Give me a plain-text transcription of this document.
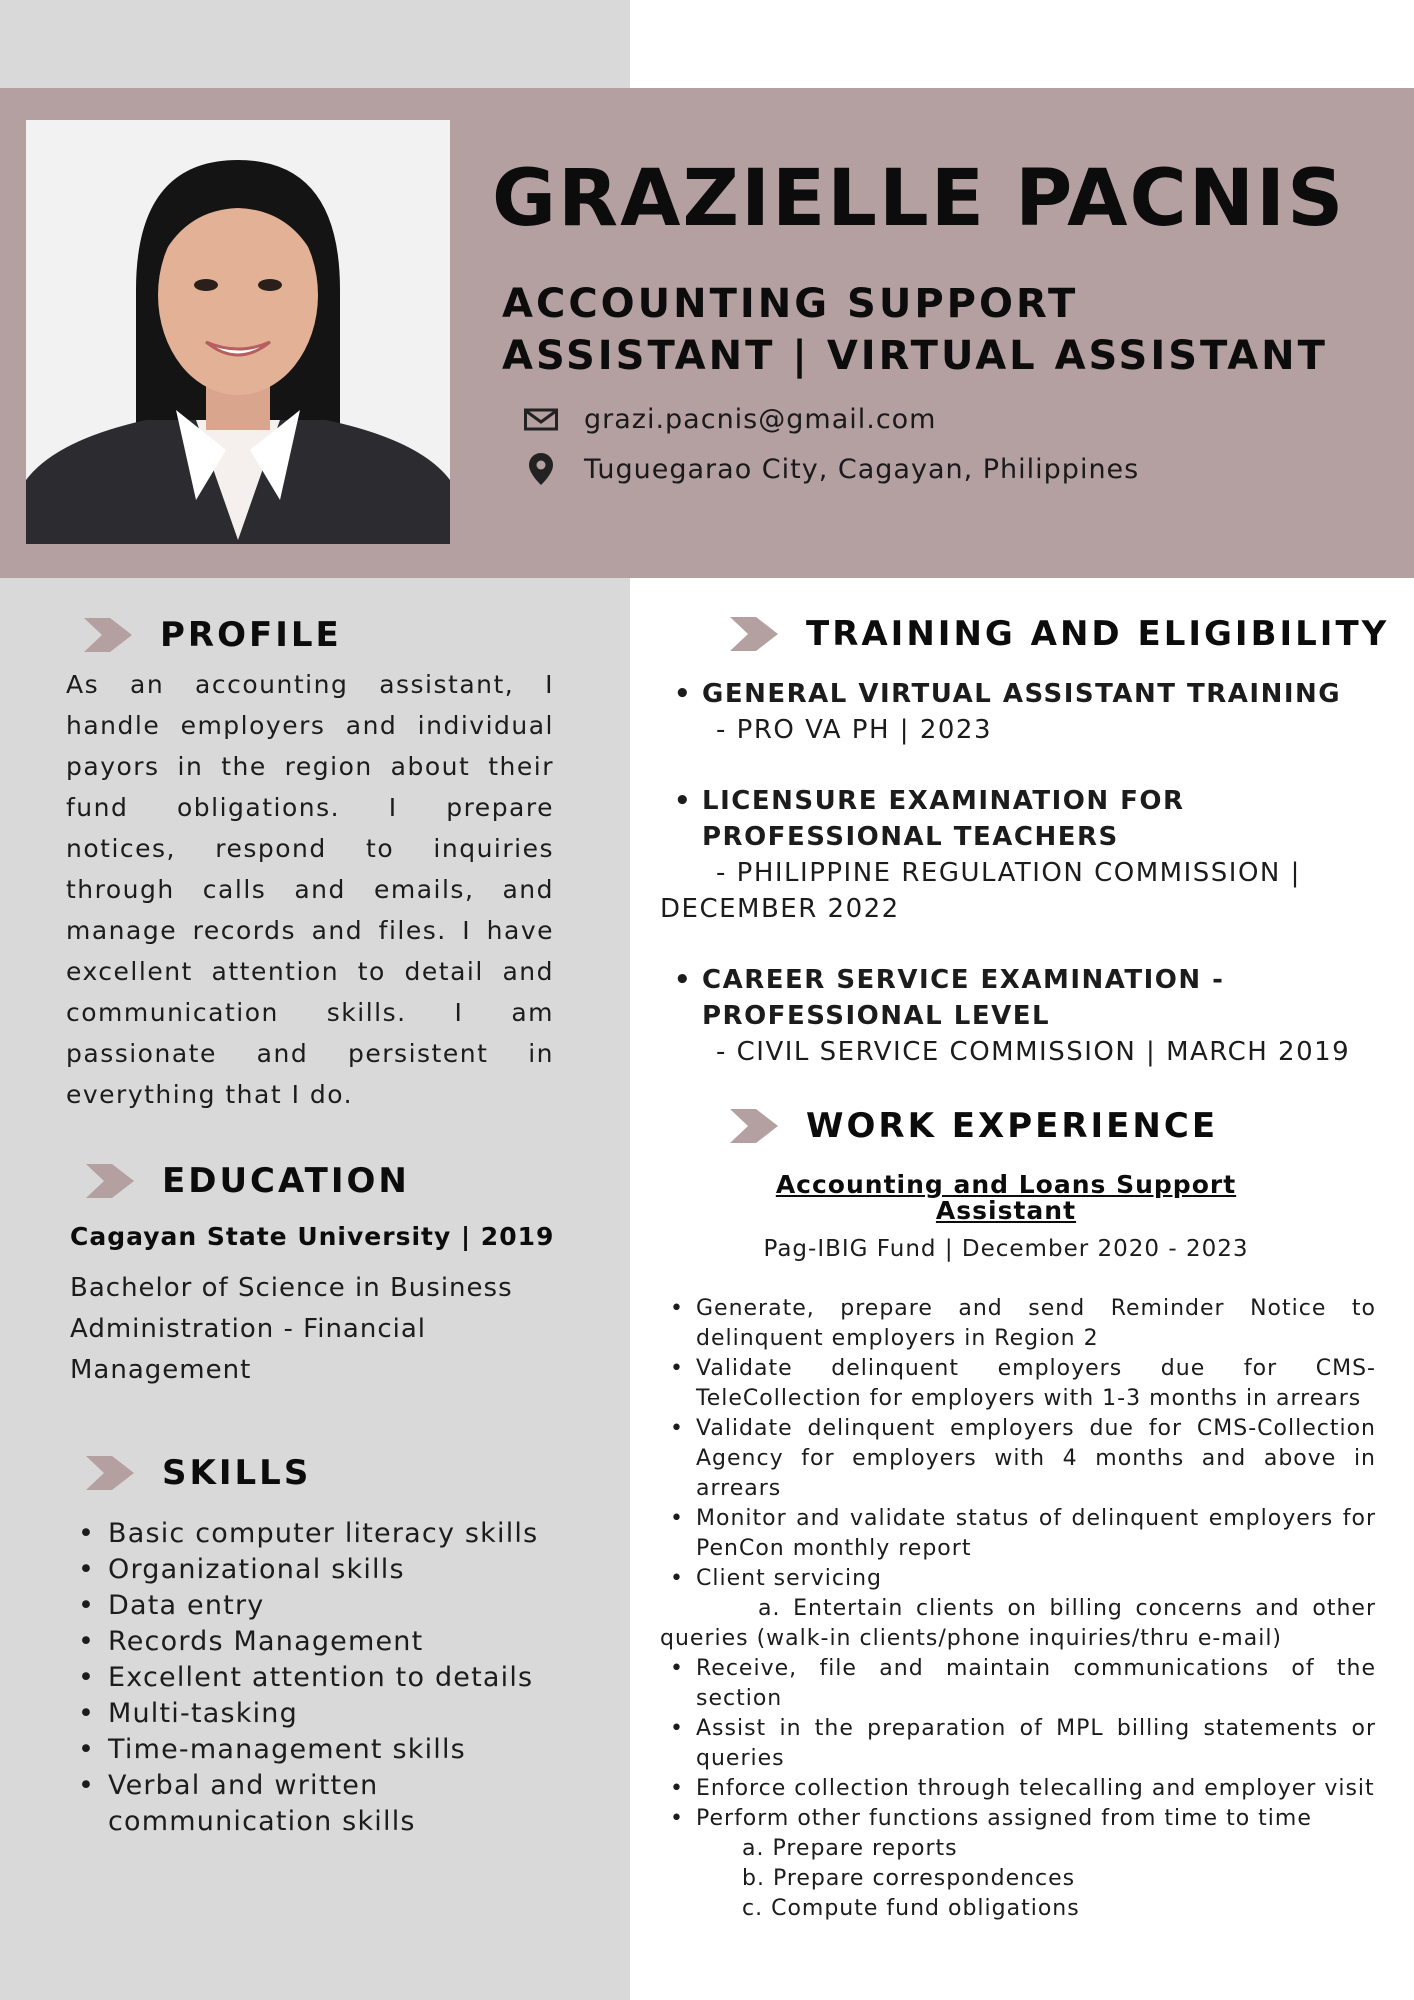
GRAZIELLE PACNIS
ACCOUNTING SUPPORT
ASSISTANT | VIRTUAL ASSISTANT
grazi.pacnis@gmail.com
Tuguegarao City, Cagayan, Philippines
PROFILE

As an accounting assistant, I handle employers and individual payors in the region about their fund obligations. I prepare notices, respond to inquiries through calls and emails, and manage records and files. I have excellent attention to detail and communication skills. I am passionate and persistent in everything that I do.

EDUCATION

Cagayan State University | 2019

Bachelor of Science in Business Administration - Financial Management

SKILLS
• Basic computer literacy skills
• Organizational skills
• Data entry
• Records Management
• Excellent attention to details
• Multi-tasking
• Time-management skills
• Verbal and written communication skills
TRAINING AND ELIGIBILITY

• GENERAL VIRTUAL ASSISTANT TRAINING

- PRO VA PH | 2023

• LICENSURE EXAMINATION FOR PROFESSIONAL TEACHERS

- PHILIPPINE REGULATION COMMISSION | DECEMBER 2022

• CAREER SERVICE EXAMINATION - PROFESSIONAL LEVEL

- CIVIL SERVICE COMMISSION | MARCH 2019

WORK EXPERIENCE

Accounting and Loans Support Assistant

Pag-IBIG Fund | December 2020 - 2023

• Generate, prepare and send Reminder Notice to delinquent employers in Region 2
• Validate delinquent employers due for CMS-TeleCollection for employers with 1-3 months in arrears
• Validate delinquent employers due for CMS-Collection Agency for employers with 4 months and above in arrears
• Monitor and validate status of delinquent employers for PenCon monthly report
• Client servicing
a. Entertain clients on billing concerns and other queries (walk-in clients/phone inquiries/thru e-mail)
• Receive, file and maintain communications of the section
• Assist in the preparation of MPL billing statements or queries
• Enforce collection through telecalling and employer visit
• Perform other functions assigned from time to time
a. Prepare reports
b. Prepare correspondences
c. Compute fund obligations
